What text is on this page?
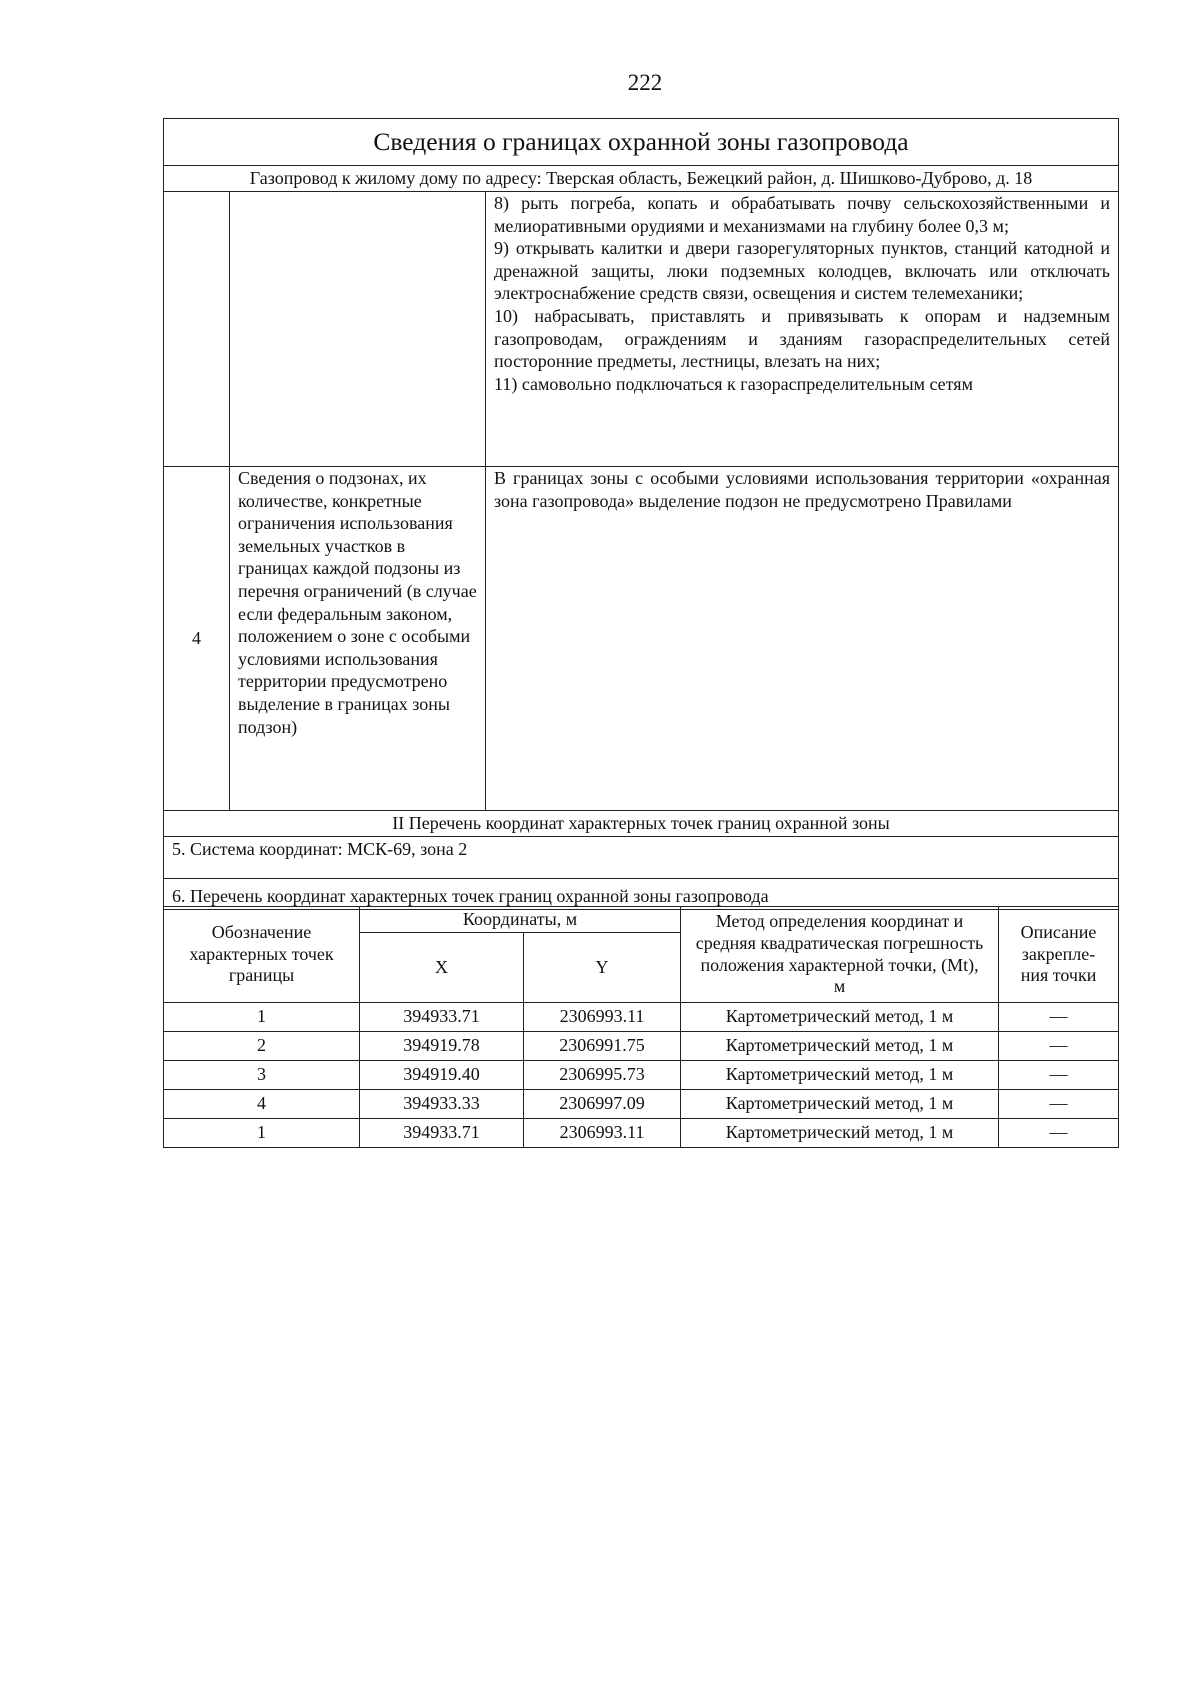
222
Сведения о границах охранной зоны газопровода		
Газопровод к жилому дому по адресу: Тверская область, Бежецкий район, д. Шишково-Дуброво, д. 18		

		8) рыть погреба, копать и обрабатывать почву сельскохозяйственными и мелиоративными орудиями и механизмами на глубину более 0,3 м;

9) открывать калитки и двери газорегуляторных пунктов, станций катодной и дренажной защиты, люки подземных колодцев, включать или отключать электроснабжение средств связи, освещения и систем телемеханики;

10) набрасывать, приставлять и привязывать к опорам и надземным газопроводам, ограждениям и зданиям газораспределительных сетей посторонние предметы, лестницы, влезать на них;

11) самовольно подключаться к газораспределительным сетям

4	Сведения о подзонах, их количестве, конкретные ограничения использования земельных участков в границах каждой подзоны из перечня ограничений (в случае если федеральным законом, положением о зоне с особыми условиями использования территории предусмотрено выделение в границах зоны подзон)	В границах зоны с особыми условиями использования территории «охранная зона газопровода» выделение подзон не предусмотрено Правилами

II Перечень координат характерных точек границ охранной зоны		
5. Система координат: МСК-69, зона 2		
6. Перечень координат характерных точек границ охранной зоны газопровода		
Обозначение характерных точек границы	Координаты, м		Метод определения координат и средняя квадратическая погрешность положения характерной точки, (Mt), м	Описание закрепле-ния точки
	X	Y		
1	394933.71	2306993.11	Картометрический метод, 1 м	—
2	394919.78	2306991.75	Картометрический метод, 1 м	—
3	394919.40	2306995.73	Картометрический метод, 1 м	—
4	394933.33	2306997.09	Картометрический метод, 1 м	—
1	394933.71	2306993.11	Картометрический метод, 1 м	—
